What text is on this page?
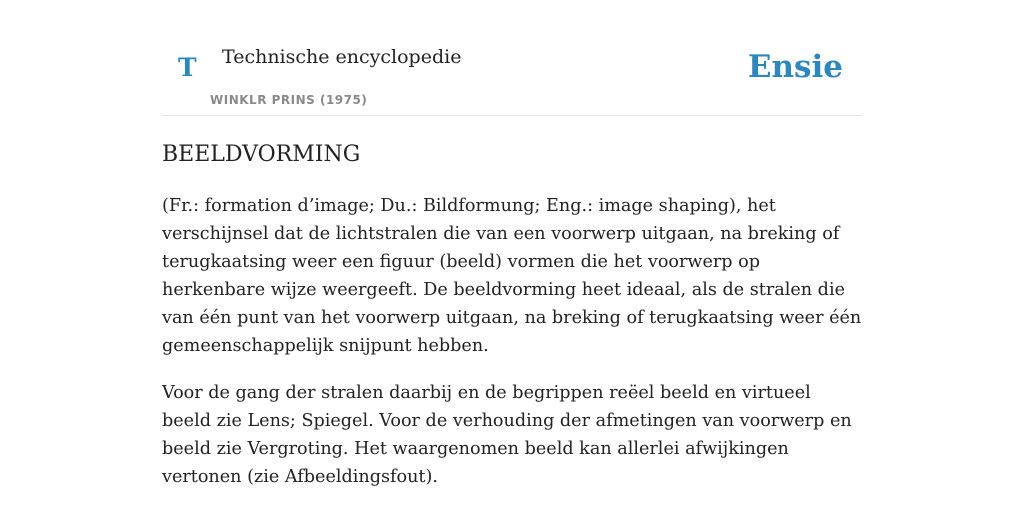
T Technische encyclopedie
WINKLR PRINS (1975)
Ensie
BEELDVORMING

(Fr.: formation d’image; Du.: Bildformung; Eng.: image shaping), het verschijnsel dat de lichtstralen die van een voorwerp uitgaan, na breking of terugkaatsing weer een figuur (beeld) vormen die het voorwerp op herkenbare wijze weergeeft. De beeldvorming heet ideaal, als de stralen die van één punt van het voorwerp uitgaan, na breking of terugkaatsing weer één gemeenschappelijk snijpunt hebben.

Voor de gang der stralen daarbij en de begrippen reëel beeld en virtueel beeld zie Lens; Spiegel. Voor de verhouding der afmetingen van voorwerp en beeld zie Vergroting. Het waargenomen beeld kan allerlei afwijkingen vertonen (zie Afbeeldingsfout).
